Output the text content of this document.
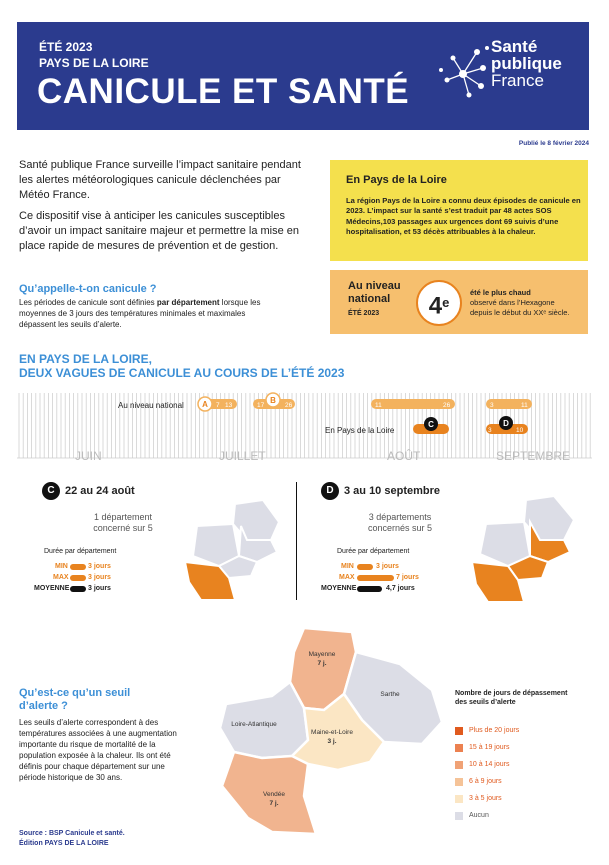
ÉTÉ 2023
PAYS DE LA LOIRE
CANICULE ET SANTÉ
Santé
publique
France
Publié le 8 février 2024

Santé publique France surveille l’impact sanitaire pendant les alertes météorologiques canicule déclenchées par Météo France.

Ce dispositif vise à anticiper les canicules susceptibles d’avoir un impact sanitaire majeur et permettre la mise en place rapide de mesures de prévention et de gestion.

Qu’appelle-t-on canicule ?
Les périodes de canicule sont définies par département lorsque les moyennes de 3 jours des températures minimales et maximales dépassent les seuils d’alerte.
En Pays de la Loire
La région Pays de la Loire a connu deux épisodes de canicule en 2023. L’impact sur la santé s’est traduit par 48 actes SOS Médecins,103 passages aux urgences dont 69 suivis d’une hospitalisation, et 53 décès attribuables à la chaleur.
Au niveau
national
ÉTÉ 2023	4e
été le plus chaud
observé dans l’Hexagone
depuis le début du XXᵉ siècle.
EN PAYS DE LA LOIRE,
DEUX VAGUES DE CANICULE AU COURS DE L’ÉTÉ 2023
A	B
C	D
7 13	17	26	11	26	3	11
22	24	3	10
Au niveau national
En Pays de la Loire
JUIN	JUILLET	AOÛT	SEPTEMBRE
C 22 au 24 août
1 département
concerné sur 5
Durée par département
MIN	3 jours
MAX	3 jours
MOYENNE	3 jours
D 3 au 10 septembre
3 départements
concernés sur 5
Durée par département
MIN	3 jours
MAX	7 jours
MOYENNE	4,7 jours
Qu’est-ce qu’un seuil
d’alerte ?
Les seuils d’alerte correspondent à des températures associées à une augmentation importante du risque de mortalité de la population exposée à la chaleur. Ils ont été définis pour chaque département sur une période historique de 30 ans.
Mayenne
7 j.
Sarthe
Loire-Atlantique
Maine-et-Loire
3 j.
Vendée
7 j.
Nombre de jours de dépassement des seuils d’alerte
Plus de 20 jours
15 à 19 jours
10 à 14 jours
6 à 9 jours
3 à 5 jours
Aucun
Source : BSP Canicule et santé.
Édition PAYS DE LA LOIRE
